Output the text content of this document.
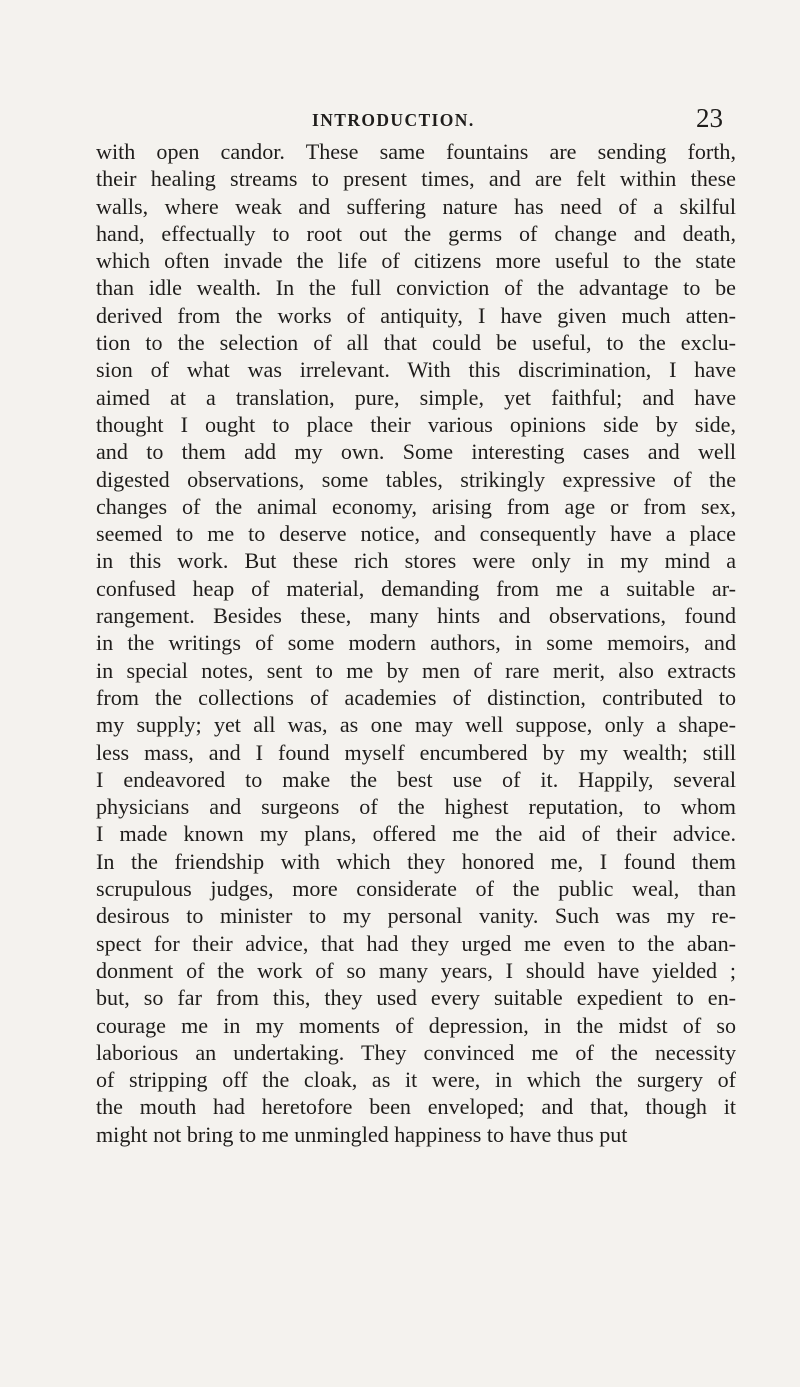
INTRODUCTION.	23
with open candor. These same fountains are sending forth,
their healing streams to present times, and are felt within these
walls, where weak and suffering nature has need of a skilful
hand, effectually to root out the germs of change and death,
which often invade the life of citizens more useful to the state
than idle wealth. In the full conviction of the advantage to be
derived from the works of antiquity, I have given much atten-
tion to the selection of all that could be useful, to the exclu-
sion of what was irrelevant. With this discrimination, I have
aimed at a translation, pure, simple, yet faithful; and have
thought I ought to place their various opinions side by side,
and to them add my own. Some interesting cases and well
digested observations, some tables, strikingly expressive of the
changes of the animal economy, arising from age or from sex,
seemed to me to deserve notice, and consequently have a place
in this work. But these rich stores were only in my mind a
confused heap of material, demanding from me a suitable ar-
rangement. Besides these, many hints and observations, found
in the writings of some modern authors, in some memoirs, and
in special notes, sent to me by men of rare merit, also extracts
from the collections of academies of distinction, contributed to
my supply; yet all was, as one may well suppose, only a shape-
less mass, and I found myself encumbered by my wealth; still
I endeavored to make the best use of it. Happily, several
physicians and surgeons of the highest reputation, to whom
I made known my plans, offered me the aid of their advice.
In the friendship with which they honored me, I found them
scrupulous judges, more considerate of the public weal, than
desirous to minister to my personal vanity. Such was my re-
spect for their advice, that had they urged me even to the aban-
donment of the work of so many years, I should have yielded ;
but, so far from this, they used every suitable expedient to en-
courage me in my moments of depression, in the midst of so
laborious an undertaking. They convinced me of the necessity
of stripping off the cloak, as it were, in which the surgery of
the mouth had heretofore been enveloped; and that, though it
might not bring to me unmingled happiness to have thus put
